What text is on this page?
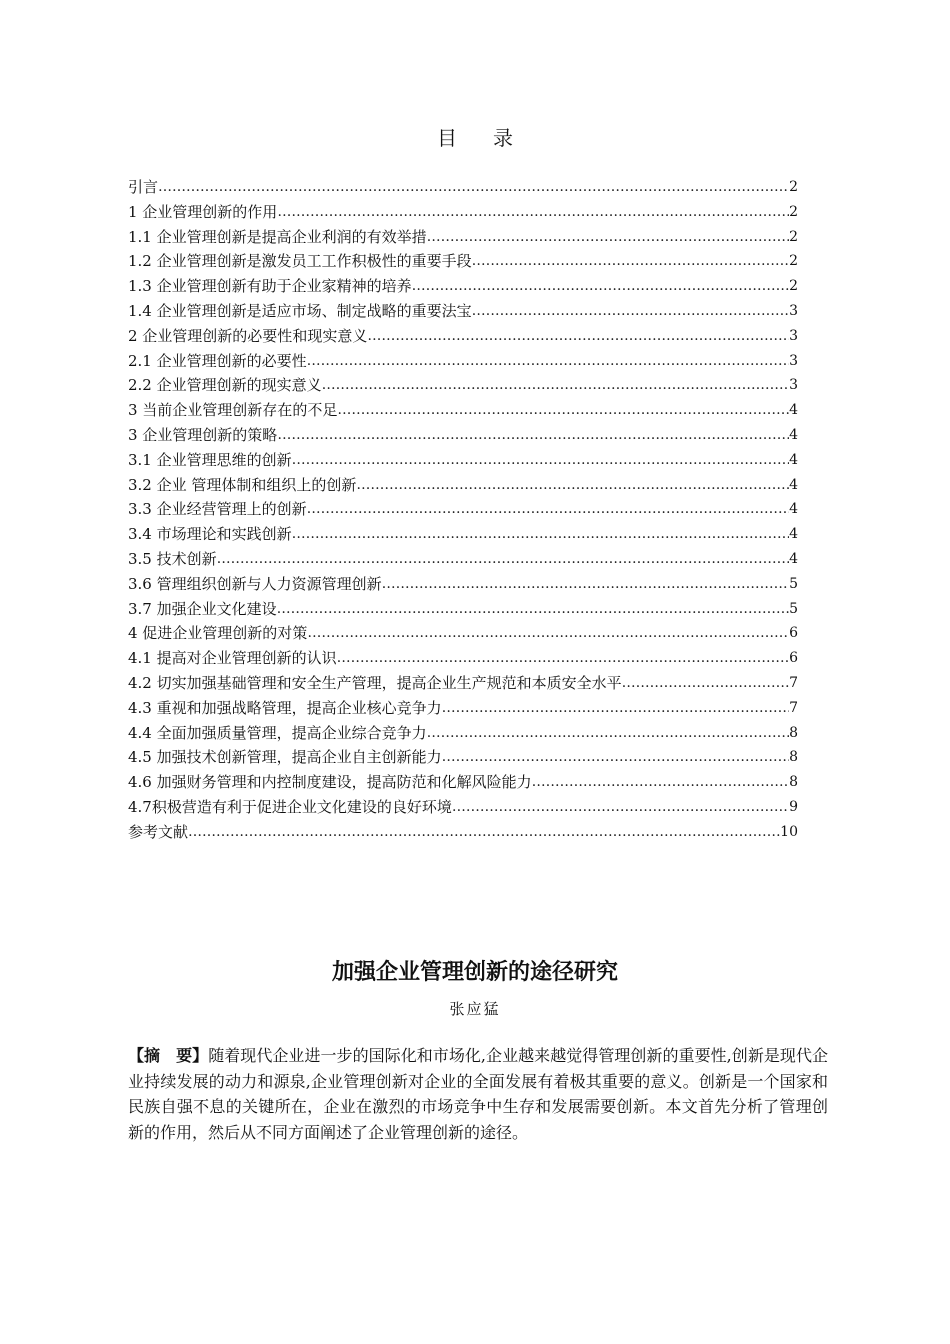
目 录
引言 ……………………………………………………………………………………………………………………………………………………………………	2
1 企业管理创新的作用 ……………………………………………………………………………………………………………………………………………………………………	2
1.1 企业管理创新是提高企业利润的有效举措 ……………………………………………………………………………………………………………………………………………………………………	2
1.2 企业管理创新是激发员工工作积极性的重要手段 ……………………………………………………………………………………………………………………………………………………………………	2
1.3 企业管理创新有助于企业家精神的培养 ……………………………………………………………………………………………………………………………………………………………………	2
1.4 企业管理创新是适应市场、制定战略的重要法宝 ……………………………………………………………………………………………………………………………………………………………………	3
2 企业管理创新的必要性和现实意义 ……………………………………………………………………………………………………………………………………………………………………	3
2.1 企业管理创新的必要性 ……………………………………………………………………………………………………………………………………………………………………	3
2.2 企业管理创新的现实意义 ……………………………………………………………………………………………………………………………………………………………………	3
3 当前企业管理创新存在的不足 ……………………………………………………………………………………………………………………………………………………………………	4
3 企业管理创新的策略 ……………………………………………………………………………………………………………………………………………………………………	4
3.1 企业管理思维的创新 ……………………………………………………………………………………………………………………………………………………………………	4
3.2 企业 管理体制和组织上的创新 ……………………………………………………………………………………………………………………………………………………………………	4
3.3 企业经营管理上的创新 ……………………………………………………………………………………………………………………………………………………………………	4
3.4 市场理论和实践创新 ……………………………………………………………………………………………………………………………………………………………………	4
3.5 技术创新 ……………………………………………………………………………………………………………………………………………………………………	4
3.6 管理组织创新与人力资源管理创新 ……………………………………………………………………………………………………………………………………………………………………	5
3.7 加强企业文化建设 ……………………………………………………………………………………………………………………………………………………………………	5
4 促进企业管理创新的对策 ……………………………………………………………………………………………………………………………………………………………………	6
4.1 提高对企业管理创新的认识 ……………………………………………………………………………………………………………………………………………………………………	6
4.2 切实加强基础管理和安全生产管理，提高企业生产规范和本质安全水平 ……………………………………………………………………………………………………………………………………………………………………	7
4.3 重视和加强战略管理，提高企业核心竞争力 ……………………………………………………………………………………………………………………………………………………………………	7
4.4 全面加强质量管理，提高企业综合竞争力 ……………………………………………………………………………………………………………………………………………………………………	8
4.5 加强技术创新管理，提高企业自主创新能力 ……………………………………………………………………………………………………………………………………………………………………	8
4.6 加强财务管理和内控制度建设，提高防范和化解风险能力 ……………………………………………………………………………………………………………………………………………………………………	8
4.7积极营造有利于促进企业文化建设的良好环境 ……………………………………………………………………………………………………………………………………………………………………	9
参考文献 ……………………………………………………………………………………………………………………………………………………………………	10
加强企业管理创新的途径研究
张应猛
【摘　要】随着现代企业进一步的国际化和市场化,企业越来越觉得管理创新的重要性,创新是现代企业持续发展的动力和源泉,企业管理创新对企业的全面发展有着极其重要的意义。创新是一个国家和民族自强不息的关键所在，企业在激烈的市场竞争中生存和发展需要创新。本文首先分析了管理创新的作用，然后从不同方面阐述了企业管理创新的途径。
